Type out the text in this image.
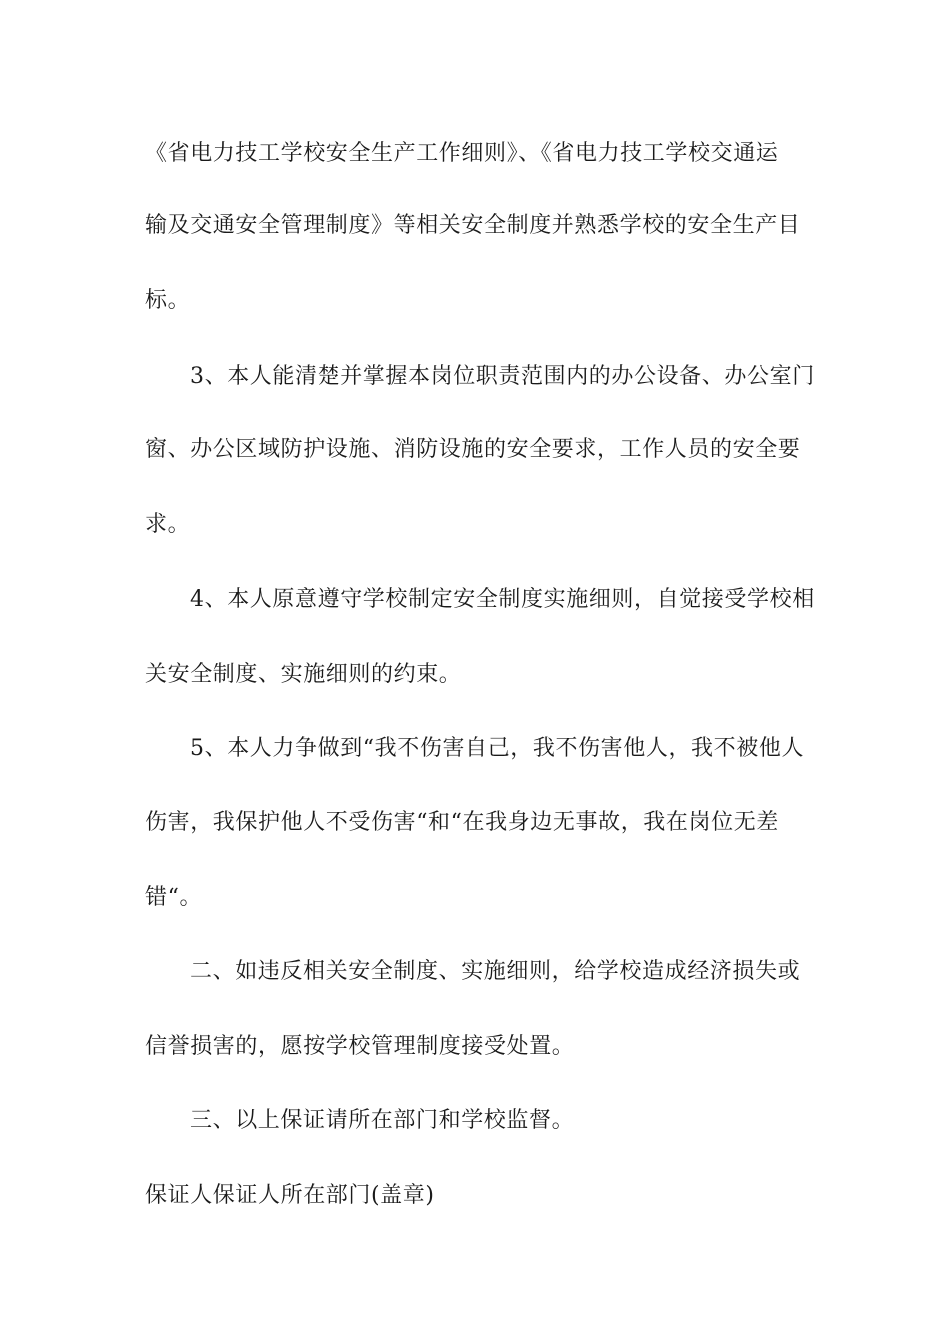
《省电力技工学校安全生产工作细则》、《省电力技工学校交通运
输及交通安全管理制度》等相关安全制度并熟悉学校的安全生产目
标。
3、本人能清楚并掌握本岗位职责范围内的办公设备、办公室门
窗、办公区域防护设施、消防设施的安全要求，工作人员的安全要
求。
4、本人原意遵守学校制定安全制度实施细则，自觉接受学校相
关安全制度、实施细则的约束。
5、本人力争做到“我不伤害自己，我不伤害他人，我不被他人
伤害，我保护他人不受伤害“和“在我身边无事故，我在岗位无差
错“。
二、如违反相关安全制度、实施细则，给学校造成经济损失或
信誉损害的，愿按学校管理制度接受处置。
三、以上保证请所在部门和学校监督。
保证人保证人所在部门(盖章)
